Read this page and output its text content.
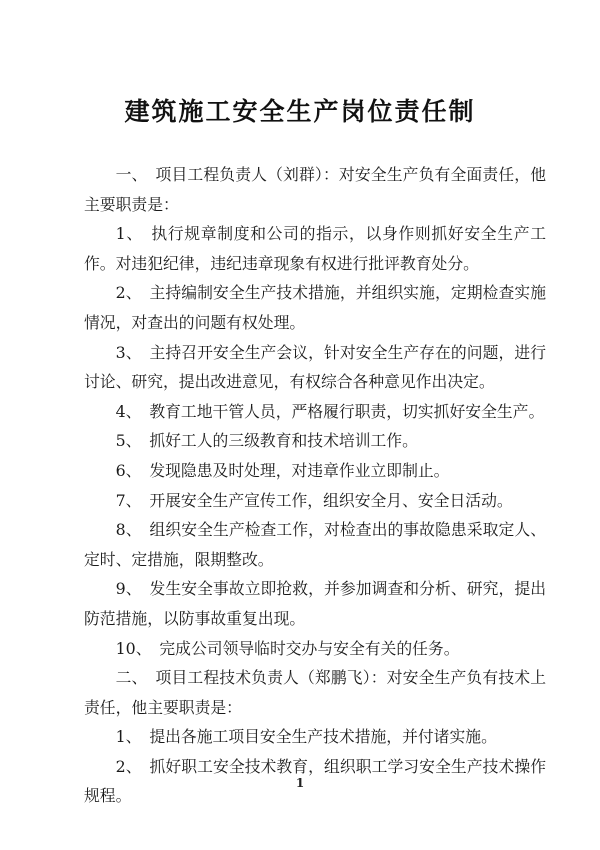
建筑施工安全生产岗位责任制

一、　项目工程负责人（刘群）：对安全生产负有全面责任，他主要职责是：

1、　执行规章制度和公司的指示，以身作则抓好安全生产工作。对违犯纪律，违纪违章现象有权进行批评教育处分。

2、　主持编制安全生产技术措施，并组织实施，定期检查实施情况，对查出的问题有权处理。

3、　主持召开安全生产会议，针对安全生产存在的问题，进行讨论、研究，提出改进意见，有权综合各种意见作出决定。

4、　教育工地干管人员，严格履行职责，切实抓好安全生产。

5、　抓好工人的三级教育和技术培训工作。

6、　发现隐患及时处理，对违章作业立即制止。

7、　开展安全生产宣传工作，组织安全月、安全日活动。

8、　组织安全生产检查工作，对检查出的事故隐患采取定人、定时、定措施，限期整改。

9、　发生安全事故立即抢救，并参加调查和分析、研究，提出防范措施，以防事故重复出现。

10、　完成公司领导临时交办与安全有关的任务。

二、　项目工程技术负责人（郑鹏飞）：对安全生产负有技术上责任，他主要职责是：

1、　提出各施工项目安全生产技术措施，并付诸实施。

2、　抓好职工安全技术教育，组织职工学习安全生产技术操作规程。

1
